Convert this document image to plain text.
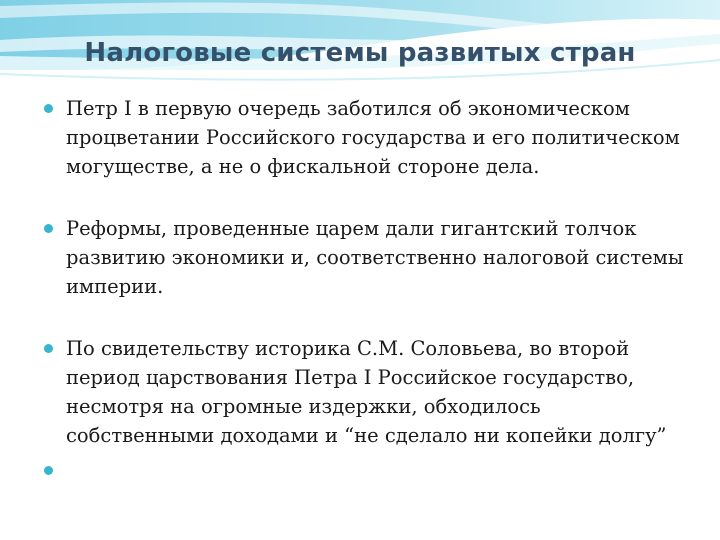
Налоговые системы развитых стран
Петр I в первую очередь заботился об экономическом процветании Российского государства и его политическом могуществе, а не о фискальной стороне дела.
Реформы, проведенные царем дали гигантский толчок развитию экономики и, соответственно налоговой системы империи.
По свидетельству историка С.М. Соловьева, во второй период царствования Петра I Российское государство, несмотря на огромные издержки, обходилось собственными доходами и “не сделало ни копейки долгу”
